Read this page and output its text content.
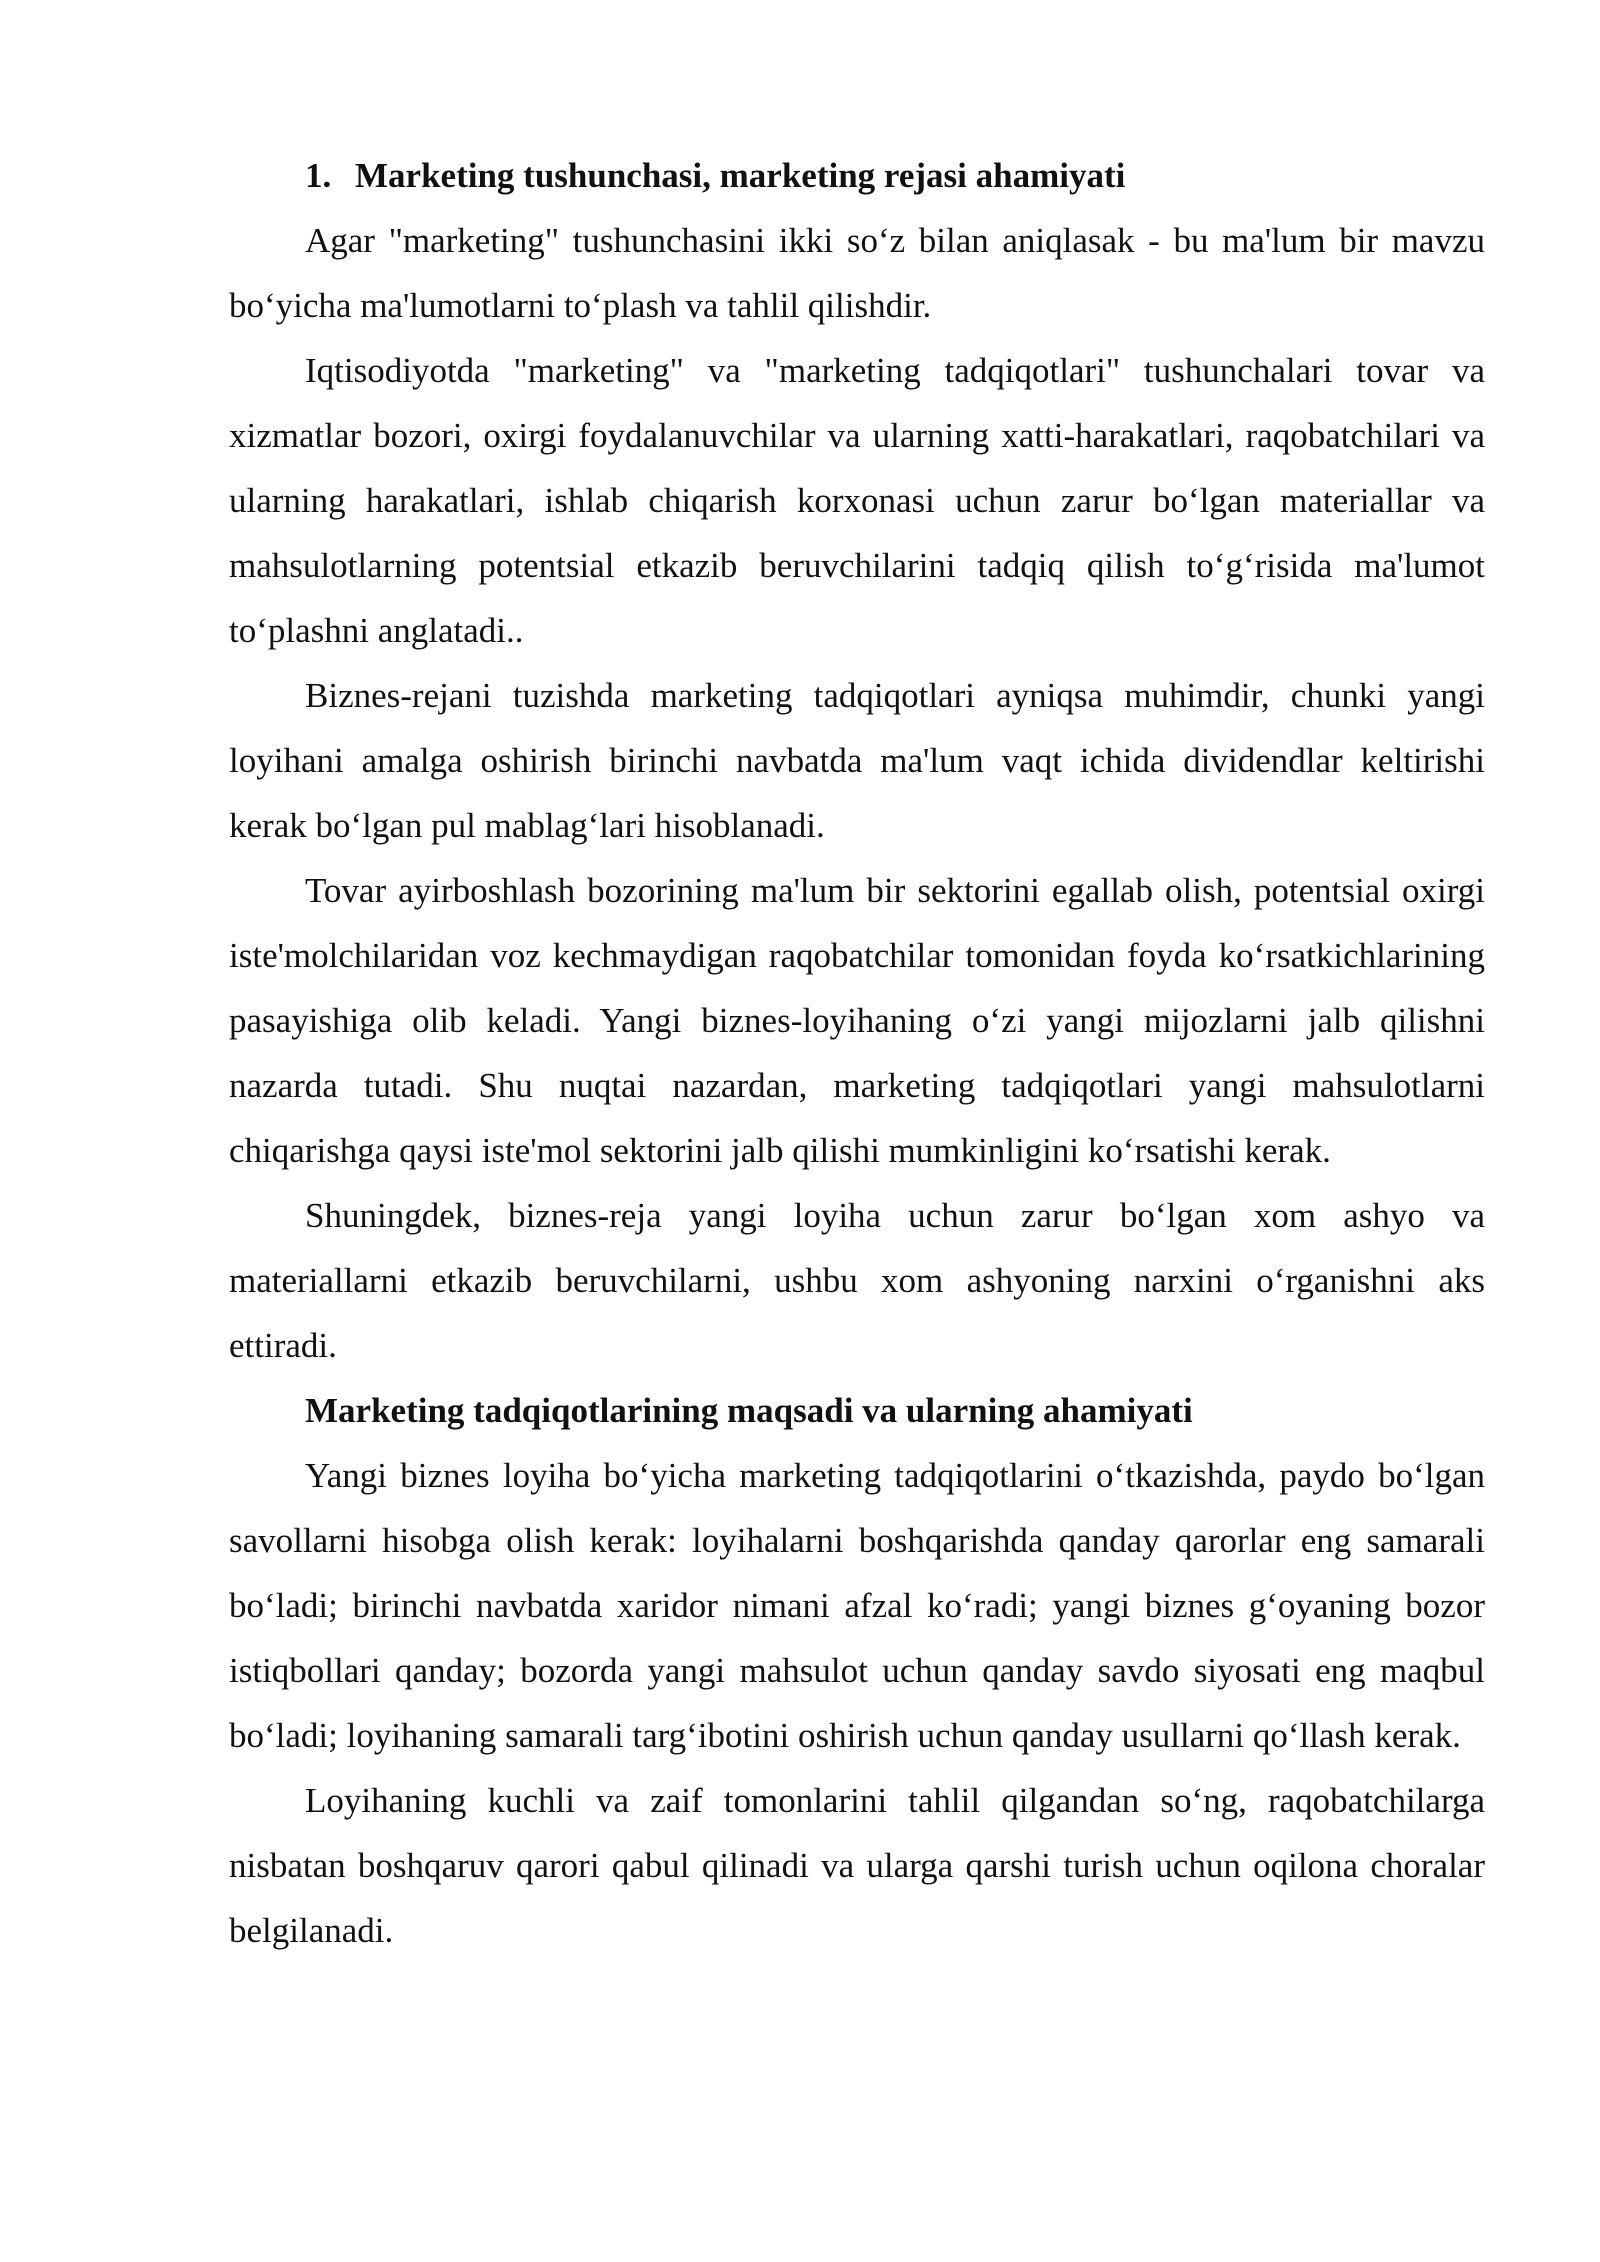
1. Marketing tushunchasi, marketing rejasi ahamiyati

Agar "marketing" tushunchasini ikki so‘z bilan aniqlasak - bu ma'lum bir mavzu bo‘yicha ma'lumotlarni to‘plash va tahlil qilishdir.

Iqtisodiyotda "marketing" va "marketing tadqiqotlari" tushunchalari tovar va xizmatlar bozori, oxirgi foydalanuvchilar va ularning xatti-harakatlari, raqobatchilari va ularning harakatlari, ishlab chiqarish korxonasi uchun zarur bo‘lgan materiallar va mahsulotlarning potentsial etkazib beruvchilarini tadqiq qilish to‘g‘risida ma'lumot to‘plashni anglatadi..

Biznes-rejani tuzishda marketing tadqiqotlari ayniqsa muhimdir, chunki yangi loyihani amalga oshirish birinchi navbatda ma'lum vaqt ichida dividendlar keltirishi kerak bo‘lgan pul mablag‘lari hisoblanadi.

Tovar ayirboshlash bozorining ma'lum bir sektorini egallab olish, potentsial oxirgi iste'molchilaridan voz kechmaydigan raqobatchilar tomonidan foyda ko‘rsatkichlarining pasayishiga olib keladi. Yangi biznes-loyihaning o‘zi yangi mijozlarni jalb qilishni nazarda tutadi. Shu nuqtai nazardan, marketing tadqiqotlari yangi mahsulotlarni chiqarishga qaysi iste'mol sektorini jalb qilishi mumkinligini ko‘rsatishi kerak.

Shuningdek, biznes-reja yangi loyiha uchun zarur bo‘lgan xom ashyo va materiallarni etkazib beruvchilarni, ushbu xom ashyoning narxini o‘rganishni aks ettiradi.

Marketing tadqiqotlarining maqsadi va ularning ahamiyati

Yangi biznes loyiha bo‘yicha marketing tadqiqotlarini o‘tkazishda, paydo bo‘lgan savollarni hisobga olish kerak: loyihalarni boshqarishda qanday qarorlar eng samarali bo‘ladi; birinchi navbatda xaridor nimani afzal ko‘radi; yangi biznes g‘oyaning bozor istiqbollari qanday; bozorda yangi mahsulot uchun qanday savdo siyosati eng maqbul bo‘ladi; loyihaning samarali targ‘ibotini oshirish uchun qanday usullarni qo‘llash kerak.

Loyihaning kuchli va zaif tomonlarini tahlil qilgandan so‘ng, raqobatchilarga nisbatan boshqaruv qarori qabul qilinadi va ularga qarshi turish uchun oqilona choralar belgilanadi.
